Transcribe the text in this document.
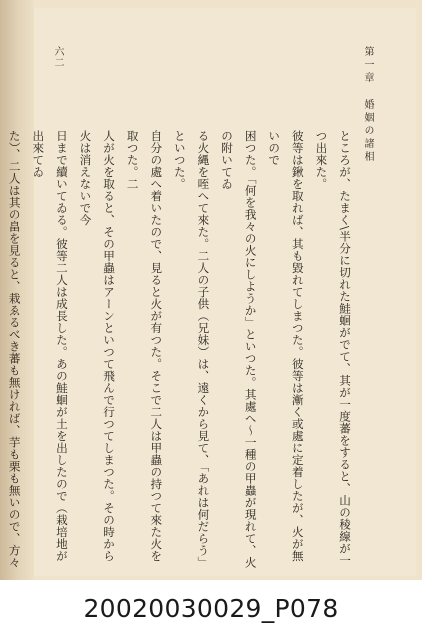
第一章 婚姻の諸相
六二

ところが、たまく\半分に切れた鮭蛔がでて、其が一度蕃をすると、山の稜線が一つ出來た。

彼等は鍬を取れば、其も毀れてしまつた。彼等は漸く或處に定着したが、火が無いので

困つた。「何を我々の火にしようか」といつた。其處へ〜一種の甲蟲が現れて、火の附いてゐ

る火縄を咥へて來た。二人の子供（兄妹）は、遠くから見て、「あれは何だらう」といつた。

自分の處へ着いたので、見ると火が有つた。そこで二人は甲蟲の持つて來た火を取つた。二

人が火を取ると、その甲蟲はアーンといつて飛んで行つてしまつた。その時から火は消えないで今

日まで續いてゐる。彼等二人は成長した。あの鮭蛔が土を出したので（栽培地が出來てゐ

た）、二人は其の畠を見ると、栽ゑるべき蕃も無ければ、芋も栗も無いので、方々

20020030029_P078
